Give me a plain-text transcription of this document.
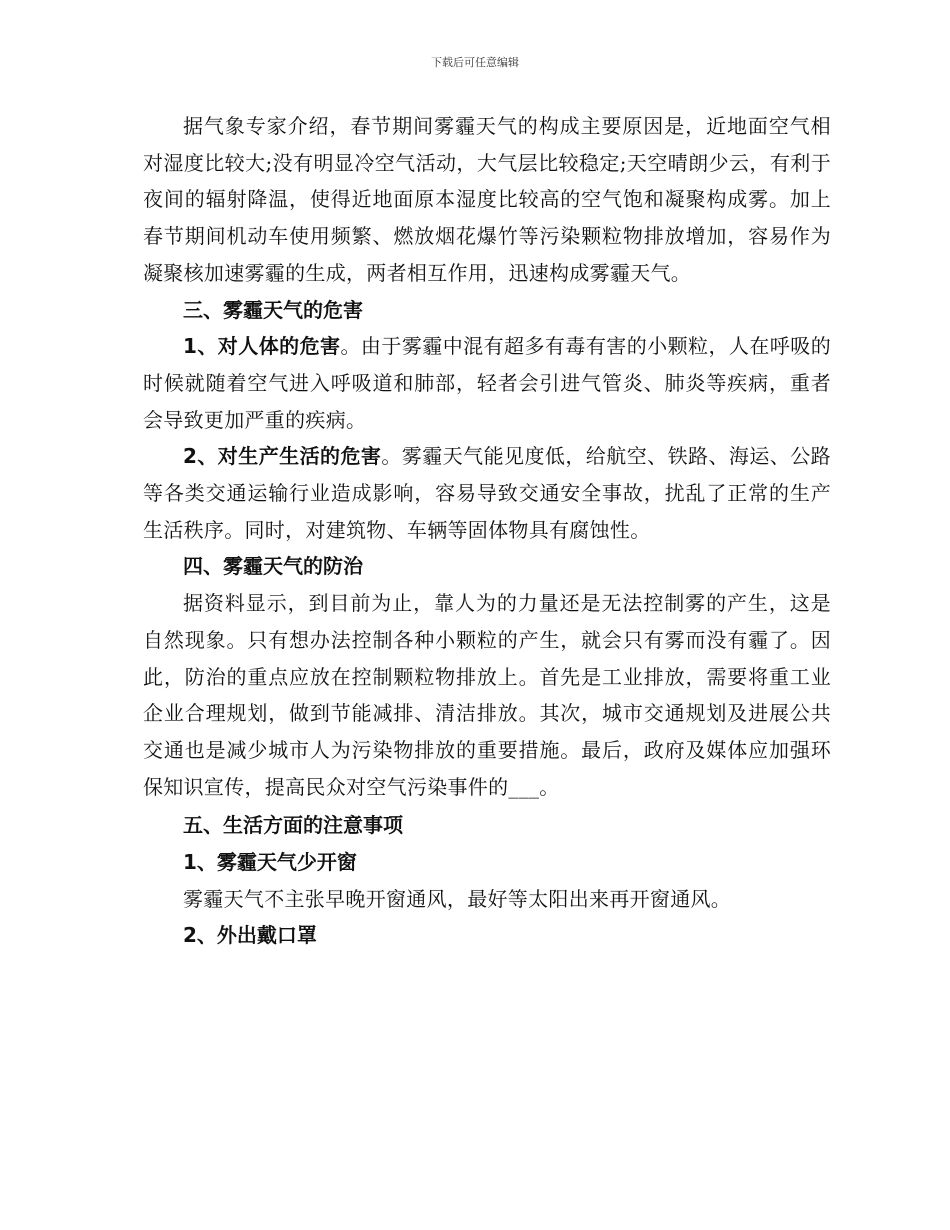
下载后可任意编辑

据气象专家介绍，春节期间雾霾天气的构成主要原因是，近地面空气相对湿度比较大;没有明显冷空气活动，大气层比较稳定;天空晴朗少云，有利于夜间的辐射降温，使得近地面原本湿度比较高的空气饱和凝聚构成雾。加上春节期间机动车使用频繁、燃放烟花爆竹等污染颗粒物排放增加，容易作为凝聚核加速雾霾的生成，两者相互作用，迅速构成雾霾天气。

三、雾霾天气的危害

1、对人体的危害。由于雾霾中混有超多有毒有害的小颗粒，人在呼吸的时候就随着空气进入呼吸道和肺部，轻者会引进气管炎、肺炎等疾病，重者会导致更加严重的疾病。

2、对生产生活的危害。雾霾天气能见度低，给航空、铁路、海运、公路等各类交通运输行业造成影响，容易导致交通安全事故，扰乱了正常的生产生活秩序。同时，对建筑物、车辆等固体物具有腐蚀性。

四、雾霾天气的防治

据资料显示，到目前为止，靠人为的力量还是无法控制雾的产生，这是自然现象。只有想办法控制各种小颗粒的产生，就会只有雾而没有霾了。因此，防治的重点应放在控制颗粒物排放上。首先是工业排放，需要将重工业企业合理规划，做到节能减排、清洁排放。其次，城市交通规划及进展公共交通也是减少城市人为污染物排放的重要措施。最后，政府及媒体应加强环保知识宣传，提高民众对空气污染事件的___。

五、生活方面的注意事项

1、雾霾天气少开窗

雾霾天气不主张早晚开窗通风，最好等太阳出来再开窗通风。

2、外出戴口罩
